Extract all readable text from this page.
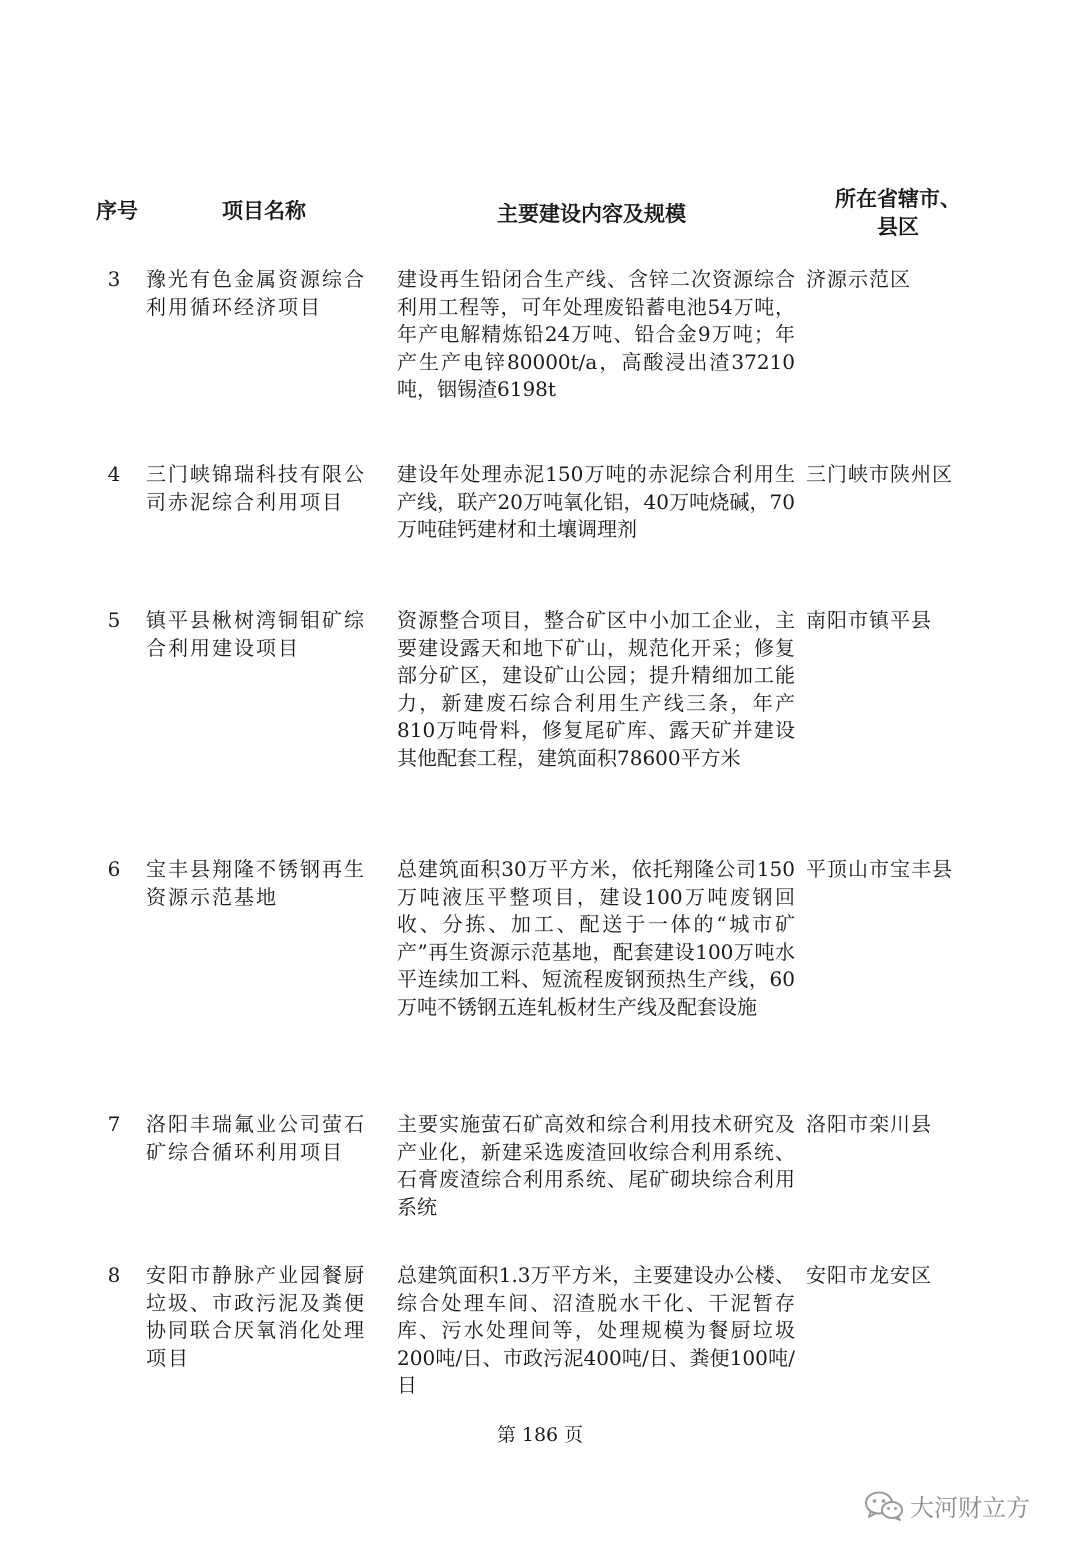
序号	项目名称	主要建设内容及规模
所在省辖市、
县区
3 豫光有色金属资源综合利用循环经济项目
建设再生铅闭合生产线、含锌二次资源综合利用工程等，可年处理废铅蓄电池54万吨，年产电解精炼铅24万吨、铅合金9万吨；年产生产电锌80000t/a，高酸浸出渣37210吨，铟锡渣6198t
济源示范区
4 三门峡锦瑞科技有限公司赤泥综合利用项目
建设年处理赤泥150万吨的赤泥综合利用生产线，联产20万吨氧化铝，40万吨烧碱，70万吨硅钙建材和土壤调理剂
三门峡市陕州区
5 镇平县楸树湾铜钼矿综合利用建设项目
资源整合项目，整合矿区中小加工企业，主要建设露天和地下矿山，规范化开采；修复部分矿区，建设矿山公园；提升精细加工能力，新建废石综合利用生产线三条，年产810万吨骨料，修复尾矿库、露天矿并建设其他配套工程，建筑面积78600平方米
南阳市镇平县
6 宝丰县翔隆不锈钢再生资源示范基地
总建筑面积30万平方米，依托翔隆公司150万吨液压平整项目，建设100万吨废钢回收、分拣、加工、配送于一体的“城市矿产”再生资源示范基地，配套建设100万吨水平连续加工料、短流程废钢预热生产线，60万吨不锈钢五连轧板材生产线及配套设施
平顶山市宝丰县
7 洛阳丰瑞氟业公司萤石矿综合循环利用项目
主要实施萤石矿高效和综合利用技术研究及产业化，新建采选废渣回收综合利用系统、石膏废渣综合利用系统、尾矿砌块综合利用系统
洛阳市栾川县
8 安阳市静脉产业园餐厨垃圾、市政污泥及粪便协同联合厌氧消化处理项目
总建筑面积1.3万平方米，主要建设办公楼、综合处理车间、沼渣脱水干化、干泥暂存库、污水处理间等，处理规模为餐厨垃圾200吨/日、市政污泥400吨/日、粪便100吨/日
安阳市龙安区
第 186 页
大河财立方
